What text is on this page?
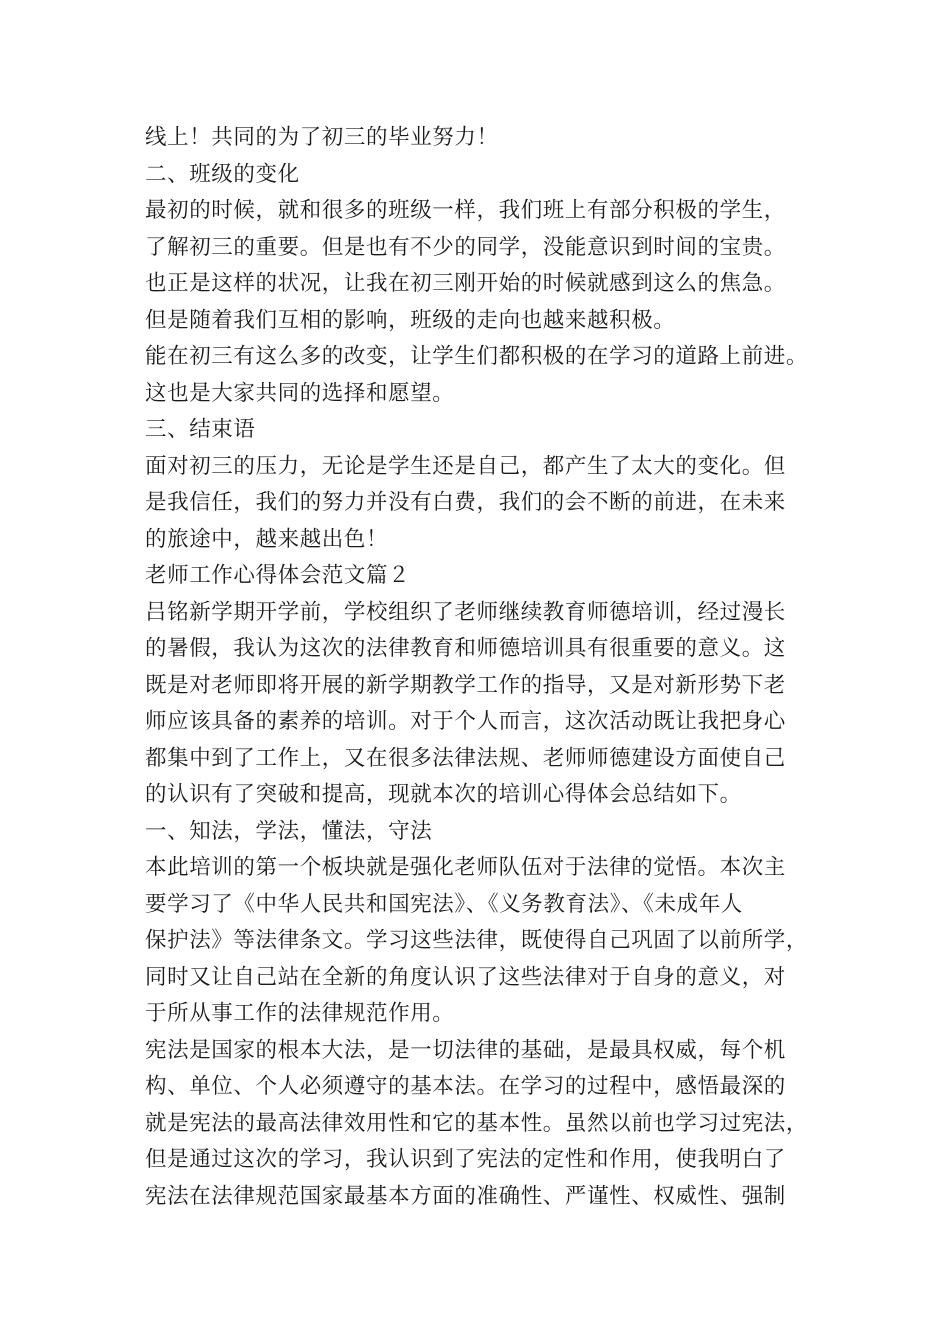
线上！共同的为了初三的毕业努力！
二、班级的变化
最初的时候，就和很多的班级一样，我们班上有部分积极的学生，
了解初三的重要。但是也有不少的同学，没能意识到时间的宝贵。
也正是这样的状况，让我在初三刚开始的时候就感到这么的焦急。
但是随着我们互相的影响，班级的走向也越来越积极。
能在初三有这么多的改变，让学生们都积极的在学习的道路上前进。
这也是大家共同的选择和愿望。
三、结束语
面对初三的压力，无论是学生还是自己，都产生了太大的变化。但
是我信任，我们的努力并没有白费，我们的会不断的前进，在未来
的旅途中，越来越出色！
老师工作心得体会范文篇２
吕铭新学期开学前，学校组织了老师继续教育师德培训，经过漫长
的暑假，我认为这次的法律教育和师德培训具有很重要的意义。这
既是对老师即将开展的新学期教学工作的指导，又是对新形势下老
师应该具备的素养的培训。对于个人而言，这次活动既让我把身心
都集中到了工作上，又在很多法律法规、老师师德建设方面使自己
的认识有了突破和提高，现就本次的培训心得体会总结如下。
一、知法，学法，懂法，守法
本此培训的第一个板块就是强化老师队伍对于法律的觉悟。本次主
要学习了《中华人民共和国宪法》、《义务教育法》、《未成年人
保护法》等法律条文。学习这些法律，既使得自己巩固了以前所学，
同时又让自己站在全新的角度认识了这些法律对于自身的意义，对
于所从事工作的法律规范作用。
宪法是国家的根本大法，是一切法律的基础，是最具权威，每个机
构、单位、个人必须遵守的基本法。在学习的过程中，感悟最深的
就是宪法的最高法律效用性和它的基本性。虽然以前也学习过宪法，
但是通过这次的学习，我认识到了宪法的定性和作用，使我明白了
宪法在法律规范国家最基本方面的准确性、严谨性、权威性、强制
